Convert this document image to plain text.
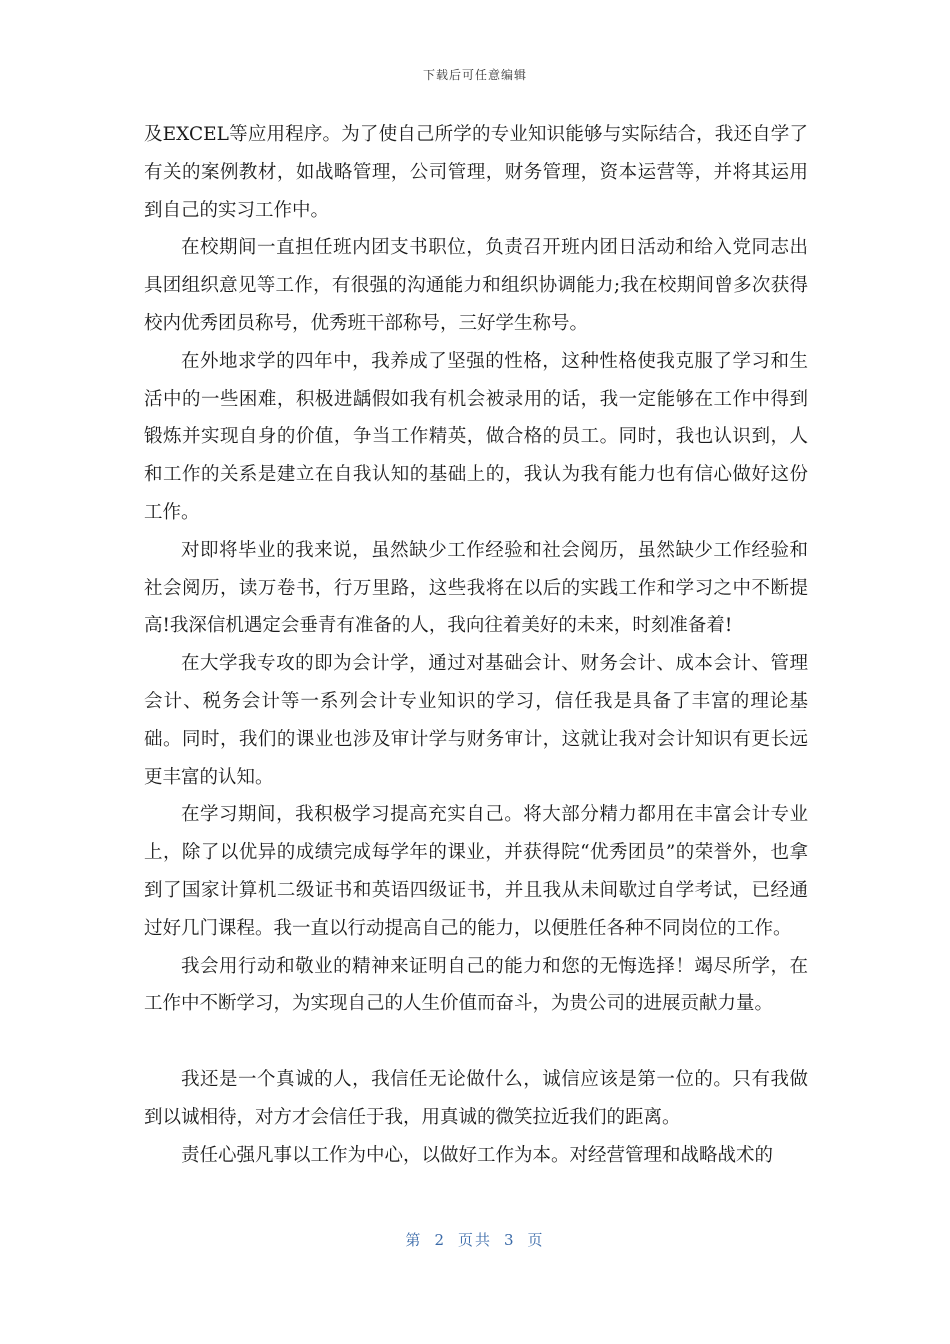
下载后可任意编辑

及EXCEL等应用程序。为了使自己所学的专业知识能够与实际结合，我还自学了有关的案例教材，如战略管理，公司管理，财务管理，资本运营等，并将其运用到自己的实习工作中。

在校期间一直担任班内团支书职位，负责召开班内团日活动和给入党同志出具团组织意见等工作，有很强的沟通能力和组织协调能力;我在校期间曾多次获得校内优秀团员称号，优秀班干部称号，三好学生称号。

在外地求学的四年中，我养成了坚强的性格，这种性格使我克服了学习和生活中的一些困难，积极进龋假如我有机会被录用的话，我一定能够在工作中得到锻炼并实现自身的价值，争当工作精英，做合格的员工。同时，我也认识到，人和工作的关系是建立在自我认知的基础上的，我认为我有能力也有信心做好这份工作。

对即将毕业的我来说，虽然缺少工作经验和社会阅历，虽然缺少工作经验和社会阅历，读万卷书，行万里路，这些我将在以后的实践工作和学习之中不断提高!我深信机遇定会垂青有准备的人，我向往着美好的未来，时刻准备着!

在大学我专攻的即为会计学，通过对基础会计、财务会计、成本会计、管理会计、税务会计等一系列会计专业知识的学习，信任我是具备了丰富的理论基础。同时，我们的课业也涉及审计学与财务审计，这就让我对会计知识有更长远更丰富的认知。

在学习期间，我积极学习提高充实自己。将大部分精力都用在丰富会计专业上，除了以优异的成绩完成每学年的课业，并获得院“优秀团员”的荣誉外，也拿到了国家计算机二级证书和英语四级证书，并且我从未间歇过自学考试，已经通过好几门课程。我一直以行动提高自己的能力，以便胜任各种不同岗位的工作。

我会用行动和敬业的精神来证明自己的能力和您的无悔选择！竭尽所学，在工作中不断学习，为实现自己的人生价值而奋斗，为贵公司的进展贡献力量。

我还是一个真诚的人，我信任无论做什么，诚信应该是第一位的。只有我做到以诚相待，对方才会信任于我，用真诚的微笑拉近我们的距离。

责任心强凡事以工作为中心，以做好工作为本。对经营管理和战略战术的

第 2 页共 3 页
